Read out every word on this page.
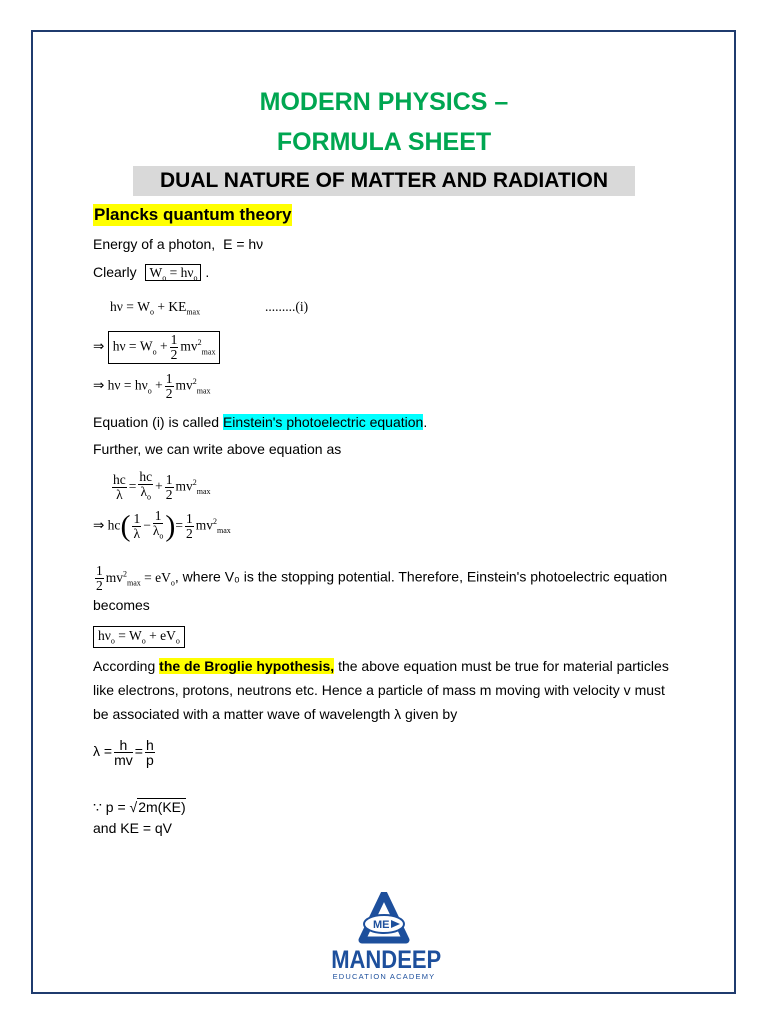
MODERN PHYSICS –
FORMULA SHEET
DUAL NATURE OF MATTER AND RADIATION
Plancks quantum theory
Energy of a photon, E = hν
Clearly $W_o = h\nu_o$ .
$h\nu = W_o + KE_{max}$	.........(i)
⇒ $h\nu = W_o + \frac{1}{2} mv^2_{max}$
⇒ $h\nu = h\nu_o + \frac{1}{2} mv^2_{max}$
Equation (i) is called Einstein's photoelectric equation.
Further, we can write above equation as
$\frac{hc}{\lambda} = \frac{hc}{\lambda_o} + \frac{1}{2} mv^2_{max}$
⇒ $hc( \frac{1}{\lambda} - \frac{1}{\lambda_o}$ )= $\frac{1}{2} mv^2_{max}$
$\frac{1}{2} mv^2_{max} = eV_o$, where V₀ is the stopping potential. Therefore, Einstein's photoelectric equation
becomes
$h\nu_o = W_o + eV_o$
According the de Broglie hypothesis, the above equation must be true for material particles
like electrons, protons, neutrons etc. Hence a particle of mass m moving with velocity v must
be associated with a matter wave of wavelength λ given by
$\lambda = \frac{h}{mv} = \frac{h}{p}$
∵ p = √2m(KE)
and KE = qV
ME
MANDEEP
EDUCATION ACADEMY
